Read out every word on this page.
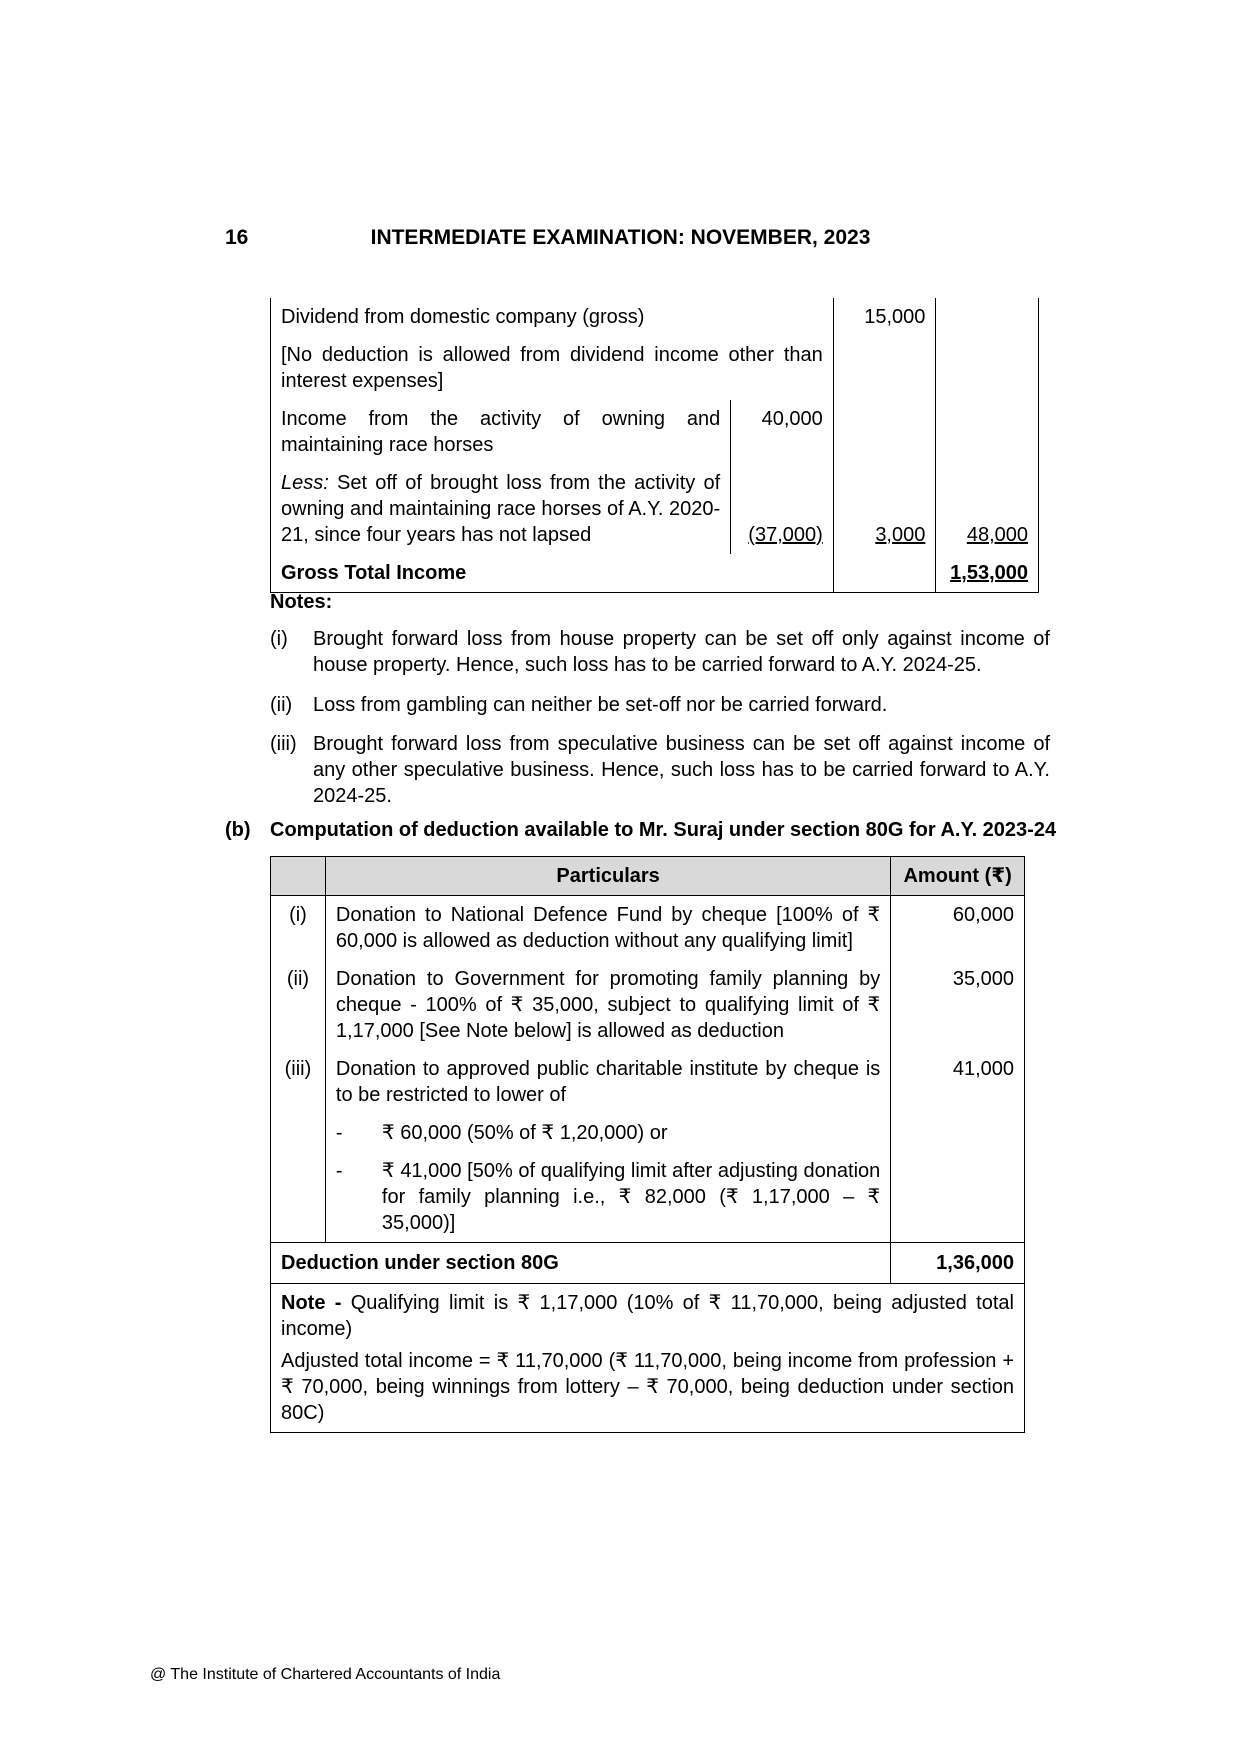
16	INTERMEDIATE EXAMINATION: NOVEMBER, 2023
Dividend from domestic company (gross)		15,000	
[No deduction is allowed from dividend income other than interest expenses]			
Income from the activity of owning and maintaining race horses	40,000		
Less: Set off of brought loss from the activity of owning and maintaining race horses of A.Y. 2020-21, since four years has not lapsed	(37,000)	3,000	48,000
Gross Total Income			1,53,000
Notes:
(i) Brought forward loss from house property can be set off only against income of house property. Hence, such loss has to be carried forward to A.Y. 2024-25.
(ii) Loss from gambling can neither be set-off nor be carried forward.
(iii) Brought forward loss from speculative business can be set off against income of any other speculative business. Hence, such loss has to be carried forward to A.Y. 2024-25.
(b) Computation of deduction available to Mr. Suraj under section 80G for A.Y. 2023-24
	Particulars	Amount (₹)
(i)	Donation to National Defence Fund by cheque [100% of ₹ 60,000 is allowed as deduction without any qualifying limit]	60,000
(ii)	Donation to Government for promoting family planning by cheque - 100% of ₹ 35,000, subject to qualifying limit of ₹ 1,17,000 [See Note below] is allowed as deduction	35,000
(iii)	Donation to approved public charitable institute by cheque is to be restricted to lower of	41,000

	- ₹ 60,000 (50% of ₹ 1,20,000) or	

	- ₹ 41,000 [50% of qualifying limit after adjusting donation for family planning i.e., ₹ 82,000 (₹ 1,17,000 – ₹ 35,000)]	

Deduction under section 80G		1,36,000

Note - Qualifying limit is ₹ 1,17,000 (10% of ₹ 11,70,000, being adjusted total income)

Adjusted total income = ₹ 11,70,000 (₹ 11,70,000, being income from profession + ₹ 70,000, being winnings from lottery – ₹ 70,000, being deduction under section 80C)		

@ The Institute of Chartered Accountants of India
